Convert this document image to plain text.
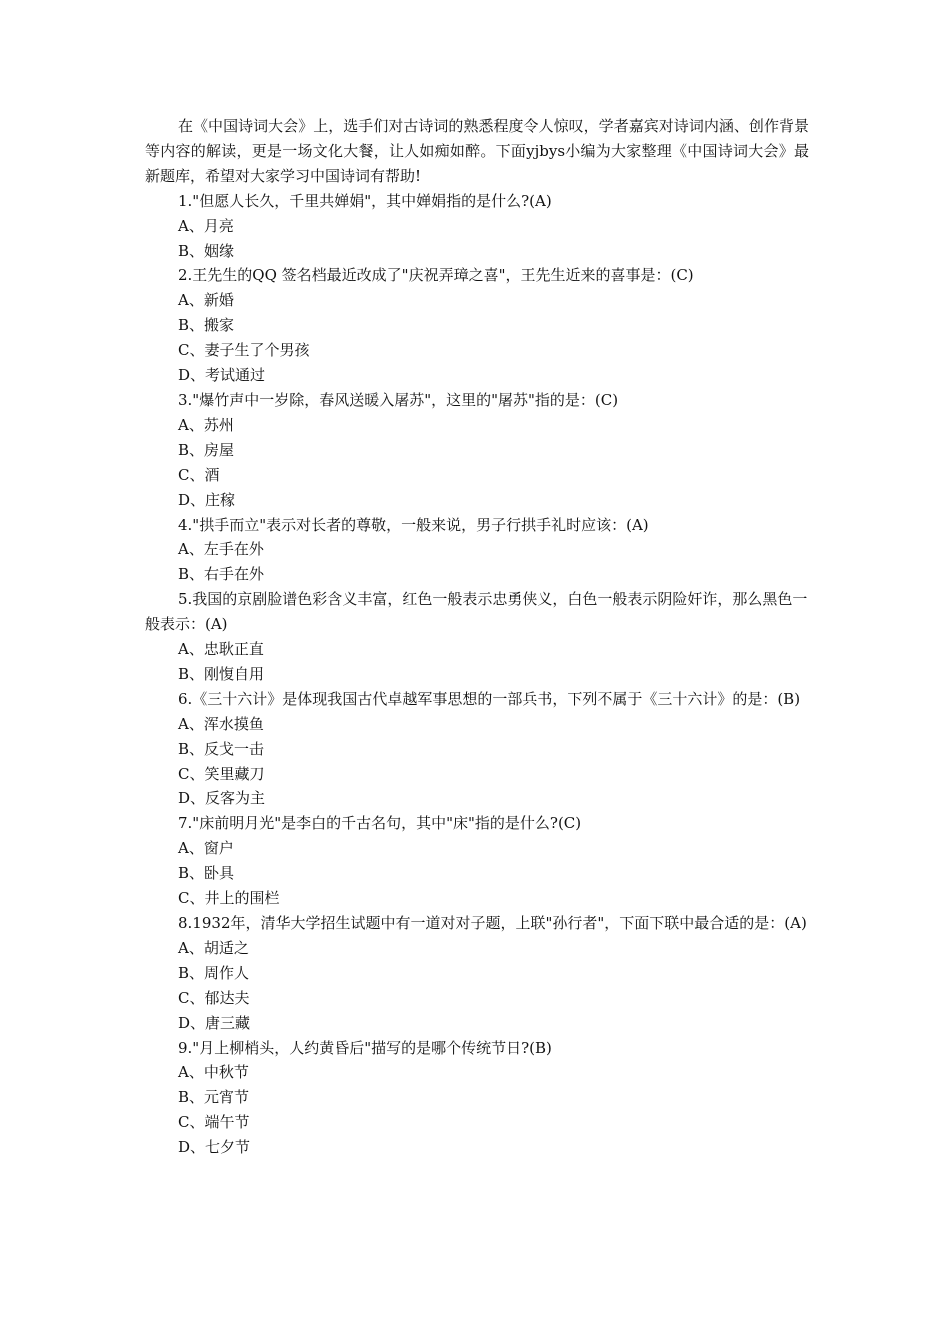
在《中国诗词大会》上，选手们对古诗词的熟悉程度令人惊叹，学者嘉宾对诗词内涵、创作背景等内容的解读，更是一场文化大餐，让人如痴如醉。下面yjbys小编为大家整理《中国诗词大会》最新题库，希望对大家学习中国诗词有帮助!

1."但愿人长久，千里共婵娟"，其中婵娟指的是什么?(A)

A、月亮

B、姻缘

2.王先生的QQ 签名档最近改成了"庆祝弄璋之喜"，王先生近来的喜事是：(C)

A、新婚

B、搬家

C、妻子生了个男孩

D、考试通过

3."爆竹声中一岁除，春风送暖入屠苏"，这里的"屠苏"指的是：(C)

A、苏州

B、房屋

C、酒

D、庄稼

4."拱手而立"表示对长者的尊敬，一般来说，男子行拱手礼时应该：(A)

A、左手在外

B、右手在外

5.我国的京剧脸谱色彩含义丰富，红色一般表示忠勇侠义，白色一般表示阴险奸诈，那么黑色一般表示：(A)

A、忠耿正直

B、刚愎自用

6.《三十六计》是体现我国古代卓越军事思想的一部兵书，下列不属于《三十六计》的是：(B)

A、浑水摸鱼

B、反戈一击

C、笑里藏刀

D、反客为主

7."床前明月光"是李白的千古名句，其中"床"指的是什么?(C)

A、窗户

B、卧具

C、井上的围栏

8.1932年，清华大学招生试题中有一道对对子题，上联"孙行者"，下面下联中最合适的是：(A)

A、胡适之

B、周作人

C、郁达夫

D、唐三藏

9."月上柳梢头，人约黄昏后"描写的是哪个传统节日?(B)

A、中秋节

B、元宵节

C、端午节

D、七夕节
